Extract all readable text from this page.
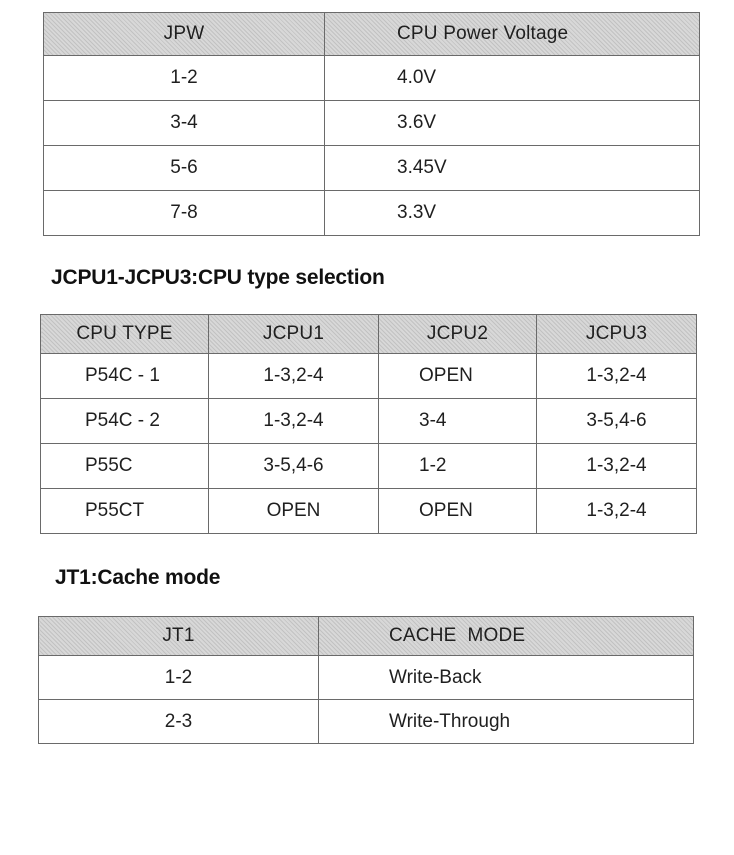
JPW	CPU Power Voltage
1-2	4.0V
3-4	3.6V
5-6	3.45V
7-8	3.3V
JCPU1-JCPU3:CPU type selection
CPU TYPE	JCPU1	JCPU2	JCPU3
P54C - 1	1-3,2-4	OPEN	1-3,2-4
P54C - 2	1-3,2-4	3-4	3-5,4-6
P55C	3-5,4-6	1-2	1-3,2-4
P55CT	OPEN	OPEN	1-3,2-4
JT1:Cache mode
JT1	CACHE  MODE
1-2	Write-Back
2-3	Write-Through
